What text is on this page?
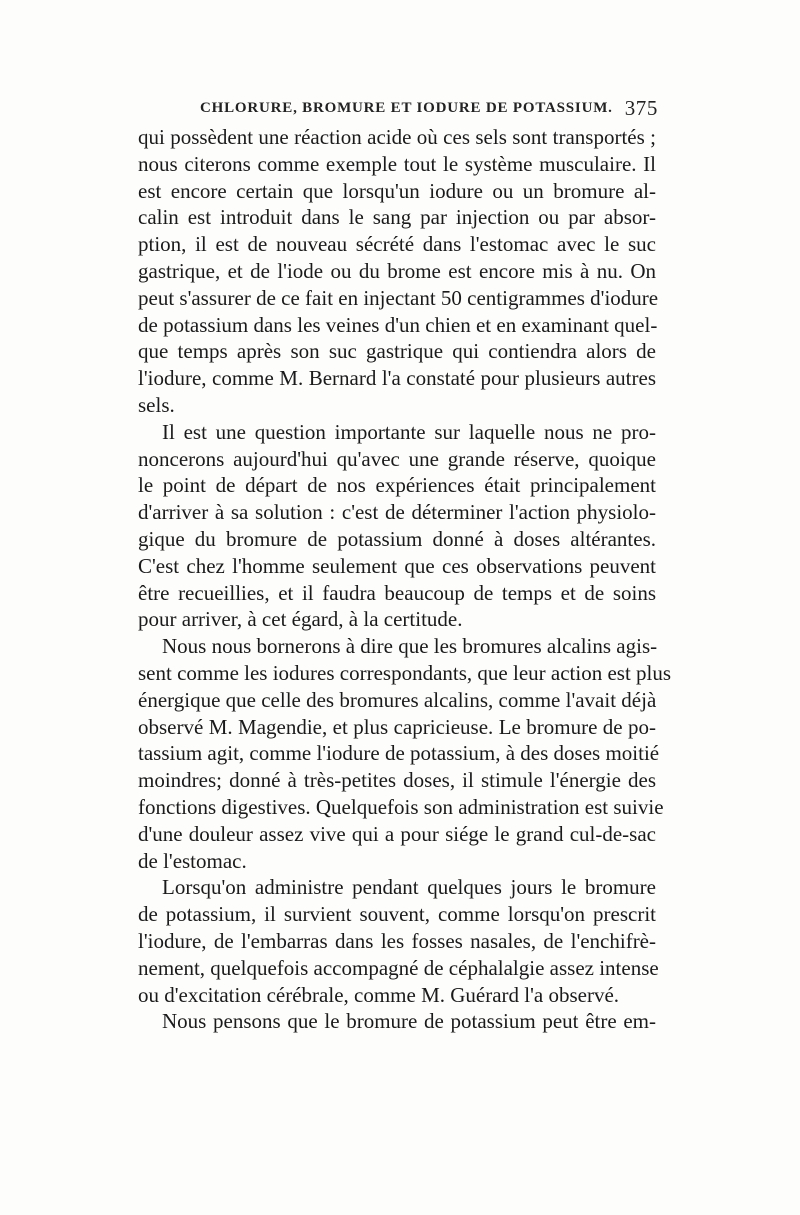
CHLORURE, BROMURE ET IODURE DE POTASSIUM. 375
qui possèdent une réaction acide où ces sels sont transportés ;
nous citerons comme exemple tout le système musculaire. Il
est encore certain que lorsqu'un iodure ou un bromure al-
calin est introduit dans le sang par injection ou par absor-
ption, il est de nouveau sécrété dans l'estomac avec le suc
gastrique, et de l'iode ou du brome est encore mis à nu. On
peut s'assurer de ce fait en injectant 50 centigrammes d'iodure
de potassium dans les veines d'un chien et en examinant quel-
que temps après son suc gastrique qui contiendra alors de
l'iodure, comme M. Bernard l'a constaté pour plusieurs autres
sels.
Il est une question importante sur laquelle nous ne pro-
noncerons aujourd'hui qu'avec une grande réserve, quoique
le point de départ de nos expériences était principalement
d'arriver à sa solution : c'est de déterminer l'action physiolo-
gique du bromure de potassium donné à doses altérantes.
C'est chez l'homme seulement que ces observations peuvent
être recueillies, et il faudra beaucoup de temps et de soins
pour arriver, à cet égard, à la certitude.
Nous nous bornerons à dire que les bromures alcalins agis-
sent comme les iodures correspondants, que leur action est plus
énergique que celle des bromures alcalins, comme l'avait déjà
observé M. Magendie, et plus capricieuse. Le bromure de po-
tassium agit, comme l'iodure de potassium, à des doses moitié
moindres; donné à très-petites doses, il stimule l'énergie des
fonctions digestives. Quelquefois son administration est suivie
d'une douleur assez vive qui a pour siége le grand cul-de-sac
de l'estomac.
Lorsqu'on administre pendant quelques jours le bromure
de potassium, il survient souvent, comme lorsqu'on prescrit
l'iodure, de l'embarras dans les fosses nasales, de l'enchifrè-
nement, quelquefois accompagné de céphalalgie assez intense
ou d'excitation cérébrale, comme M. Guérard l'a observé.
Nous pensons que le bromure de potassium peut être em-
